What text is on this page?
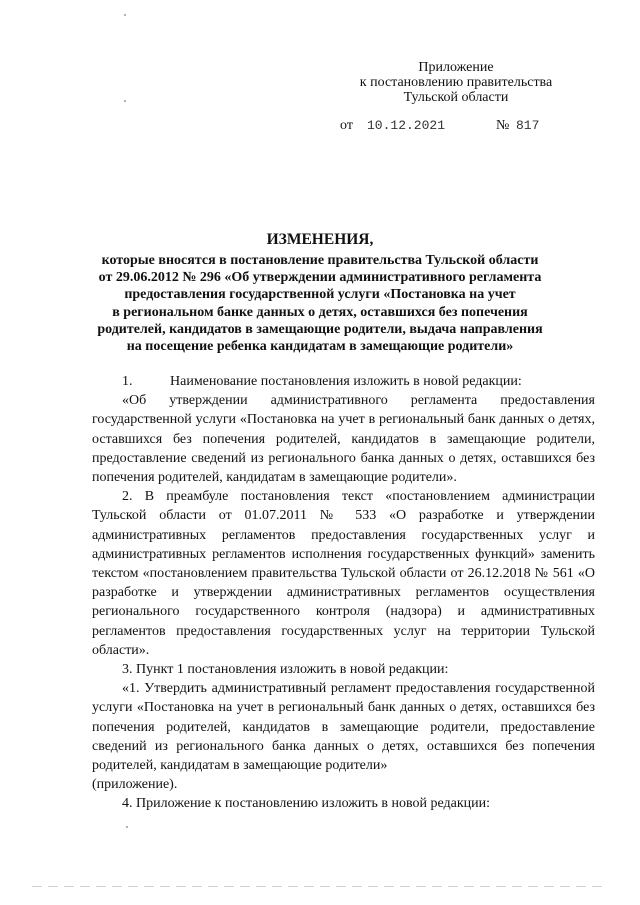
Приложение
к постановлению правительства
Тульской области
от 10.12.2021	№ 817
ИЗМЕНЕНИЯ,
которые вносятся в постановление правительства Тульской области
от 29.06.2012 № 296 «Об утверждении административного регламента
предоставления государственной услуги «Постановка на учет
в региональном банке данных о детях, оставшихся без попечения
родителей, кандидатов в замещающие родители, выдача направления
на посещение ребенка кандидатам в замещающие родители»

1.	Наименование постановления изложить в новой редакции:

«Об утверждении административного регламента предоставления государственной услуги «Постановка на учет в региональный банк данных о детях, оставшихся без попечения родителей, кандидатов в замещающие родители, предоставление сведений из регионального банка данных о детях, оставшихся без попечения родителей, кандидатам в замещающие родители».

2. В преамбуле постановления текст «постановлением администрации Тульской области от 01.07.2011 № 533 «О разработке и утверждении административных регламентов предоставления государственных услуг и административных регламентов исполнения государственных функций» заменить текстом «постановлением правительства Тульской области от 26.12.2018 № 561 «О разработке и утверждении административных регламентов осуществления регионального государственного контроля (надзора) и административных регламентов предоставления государственных услуг на территории Тульской области».

3. Пункт 1 постановления изложить в новой редакции:

«1. Утвердить административный регламент предоставления государственной услуги «Постановка на учет в региональный банк данных о детях, оставшихся без попечения родителей, кандидатов в замещающие родители, предоставление сведений из регионального банка данных о детях, оставшихся без попечения родителей, кандидатам в замещающие родители»

(приложение).

4. Приложение к постановлению изложить в новой редакции:
